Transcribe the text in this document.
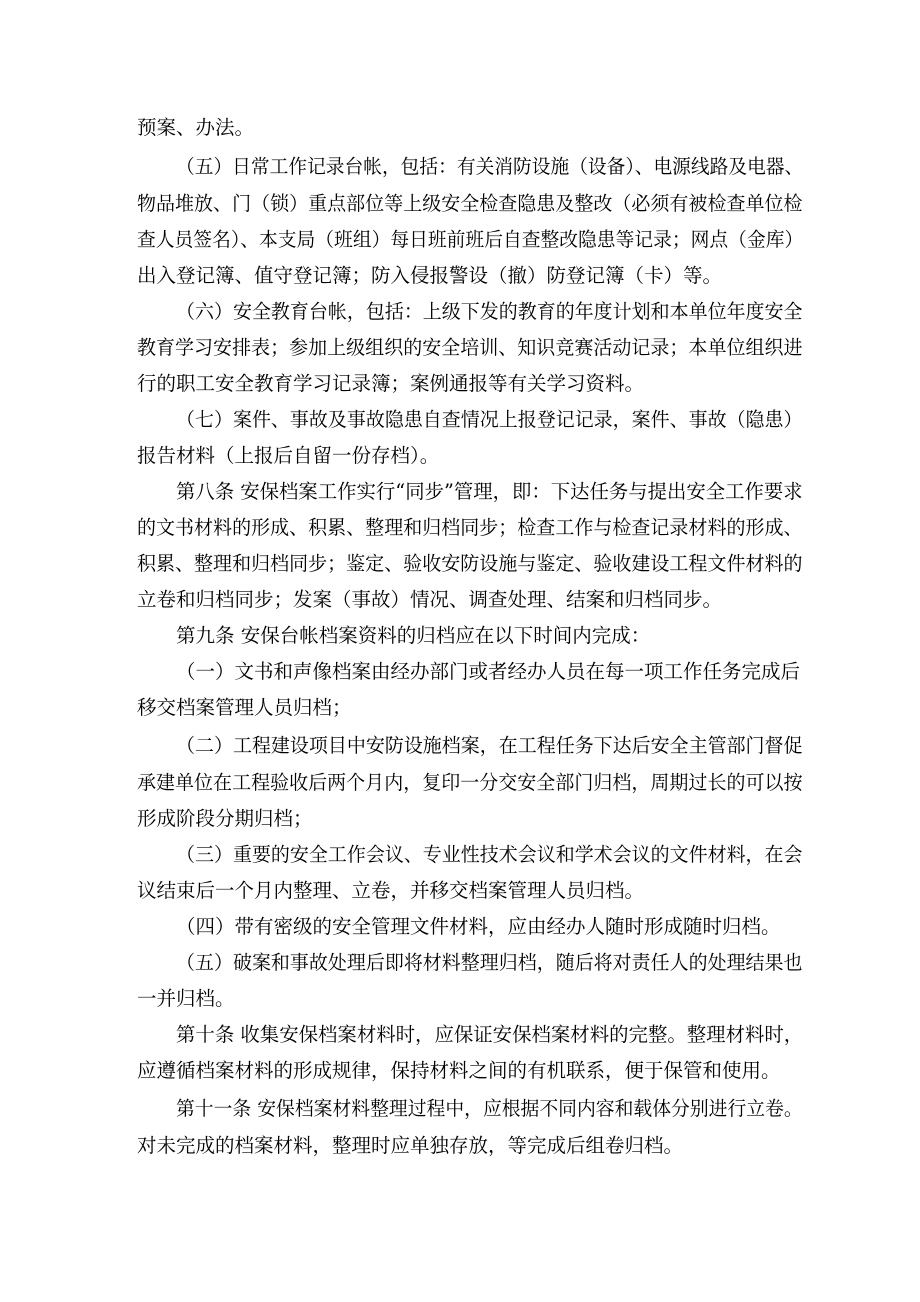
预案、办法。
（五）日常工作记录台帐，包括：有关消防设施（设备）、电源线路及电器、
物品堆放、门（锁）重点部位等上级安全检查隐患及整改（必须有被检查单位检
查人员签名）、本支局（班组）每日班前班后自查整改隐患等记录；网点（金库）
出入登记簿、值守登记簿；防入侵报警设（撤）防登记簿（卡）等。
（六）安全教育台帐，包括：上级下发的教育的年度计划和本单位年度安全
教育学习安排表；参加上级组织的安全培训、知识竞赛活动记录；本单位组织进
行的职工安全教育学习记录簿；案例通报等有关学习资料。
（七）案件、事故及事故隐患自查情况上报登记记录，案件、事故（隐患）
报告材料（上报后自留一份存档）。
第八条 安保档案工作实行“同步”管理，即：下达任务与提出安全工作要求
的文书材料的形成、积累、整理和归档同步；检查工作与检查记录材料的形成、
积累、整理和归档同步；鉴定、验收安防设施与鉴定、验收建设工程文件材料的
立卷和归档同步；发案（事故）情况、调查处理、结案和归档同步。
第九条 安保台帐档案资料的归档应在以下时间内完成：
（一）文书和声像档案由经办部门或者经办人员在每一项工作任务完成后
移交档案管理人员归档；
（二）工程建设项目中安防设施档案，在工程任务下达后安全主管部门督促
承建单位在工程验收后两个月内，复印一分交安全部门归档，周期过长的可以按
形成阶段分期归档；
（三）重要的安全工作会议、专业性技术会议和学术会议的文件材料，在会
议结束后一个月内整理、立卷，并移交档案管理人员归档。
（四）带有密级的安全管理文件材料，应由经办人随时形成随时归档。
（五）破案和事故处理后即将材料整理归档，随后将对责任人的处理结果也
一并归档。
第十条 收集安保档案材料时，应保证安保档案材料的完整。整理材料时，
应遵循档案材料的形成规律，保持材料之间的有机联系，便于保管和使用。
第十一条 安保档案材料整理过程中，应根据不同内容和载体分别进行立卷。
对未完成的档案材料，整理时应单独存放，等完成后组卷归档。
